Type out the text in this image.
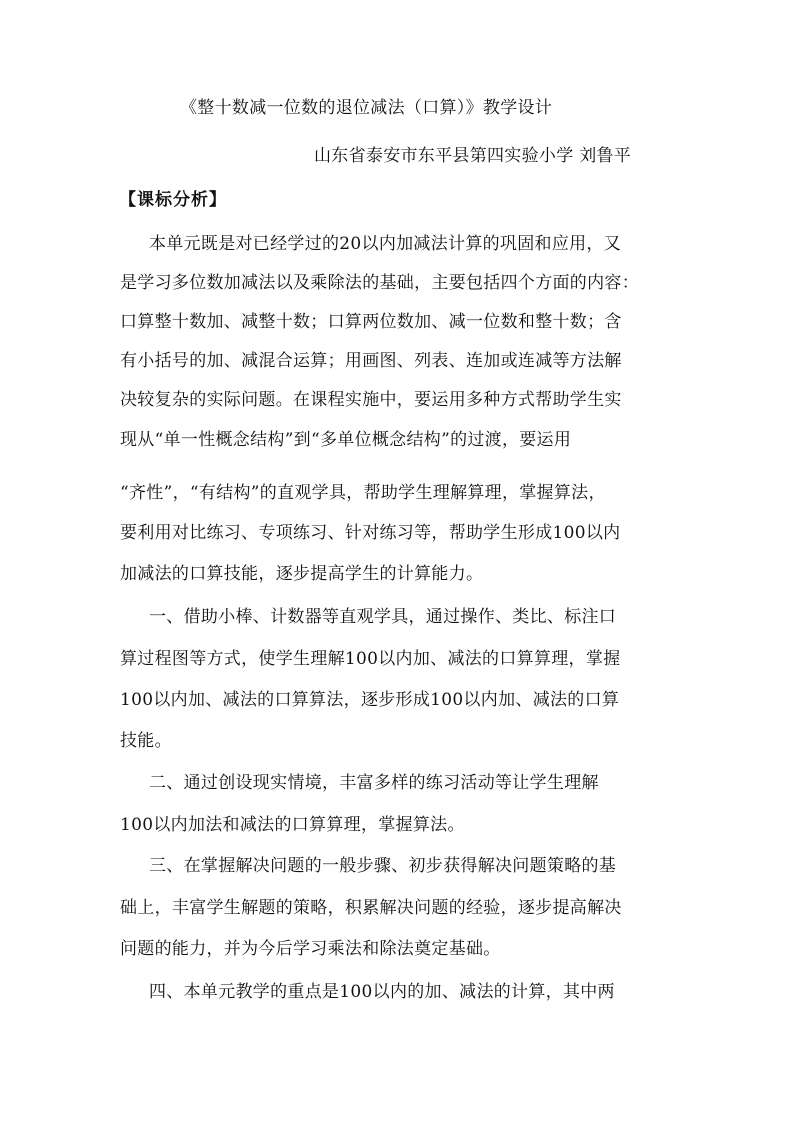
《整十数减一位数的退位减法（口算）》教学设计
山东省泰安市东平县第四实验小学 刘鲁平
【课标分析】
本单元既是对已经学过的20以内加减法计算的巩固和应用，又
是学习多位数加减法以及乘除法的基础，主要包括四个方面的内容：
口算整十数加、减整十数；口算两位数加、减一位数和整十数；含
有小括号的加、减混合运算；用画图、列表、连加或连减等方法解
决较复杂的实际问题。在课程实施中，要运用多种方式帮助学生实
现从“单一性概念结构”到“多单位概念结构”的过渡，要运用
“齐性”，“有结构”的直观学具，帮助学生理解算理，掌握算法，
要利用对比练习、专项练习、针对练习等，帮助学生形成100以内
加减法的口算技能，逐步提高学生的计算能力。
一、借助小棒、计数器等直观学具，通过操作、类比、标注口
算过程图等方式，使学生理解100以内加、减法的口算算理，掌握
100以内加、减法的口算算法，逐步形成100以内加、减法的口算
技能。
二、通过创设现实情境，丰富多样的练习活动等让学生理解
100以内加法和减法的口算算理，掌握算法。
三、在掌握解决问题的一般步骤、初步获得解决问题策略的基
础上，丰富学生解题的策略，积累解决问题的经验，逐步提高解决
问题的能力，并为今后学习乘法和除法奠定基础。
四、本单元教学的重点是100以内的加、减法的计算，其中两
